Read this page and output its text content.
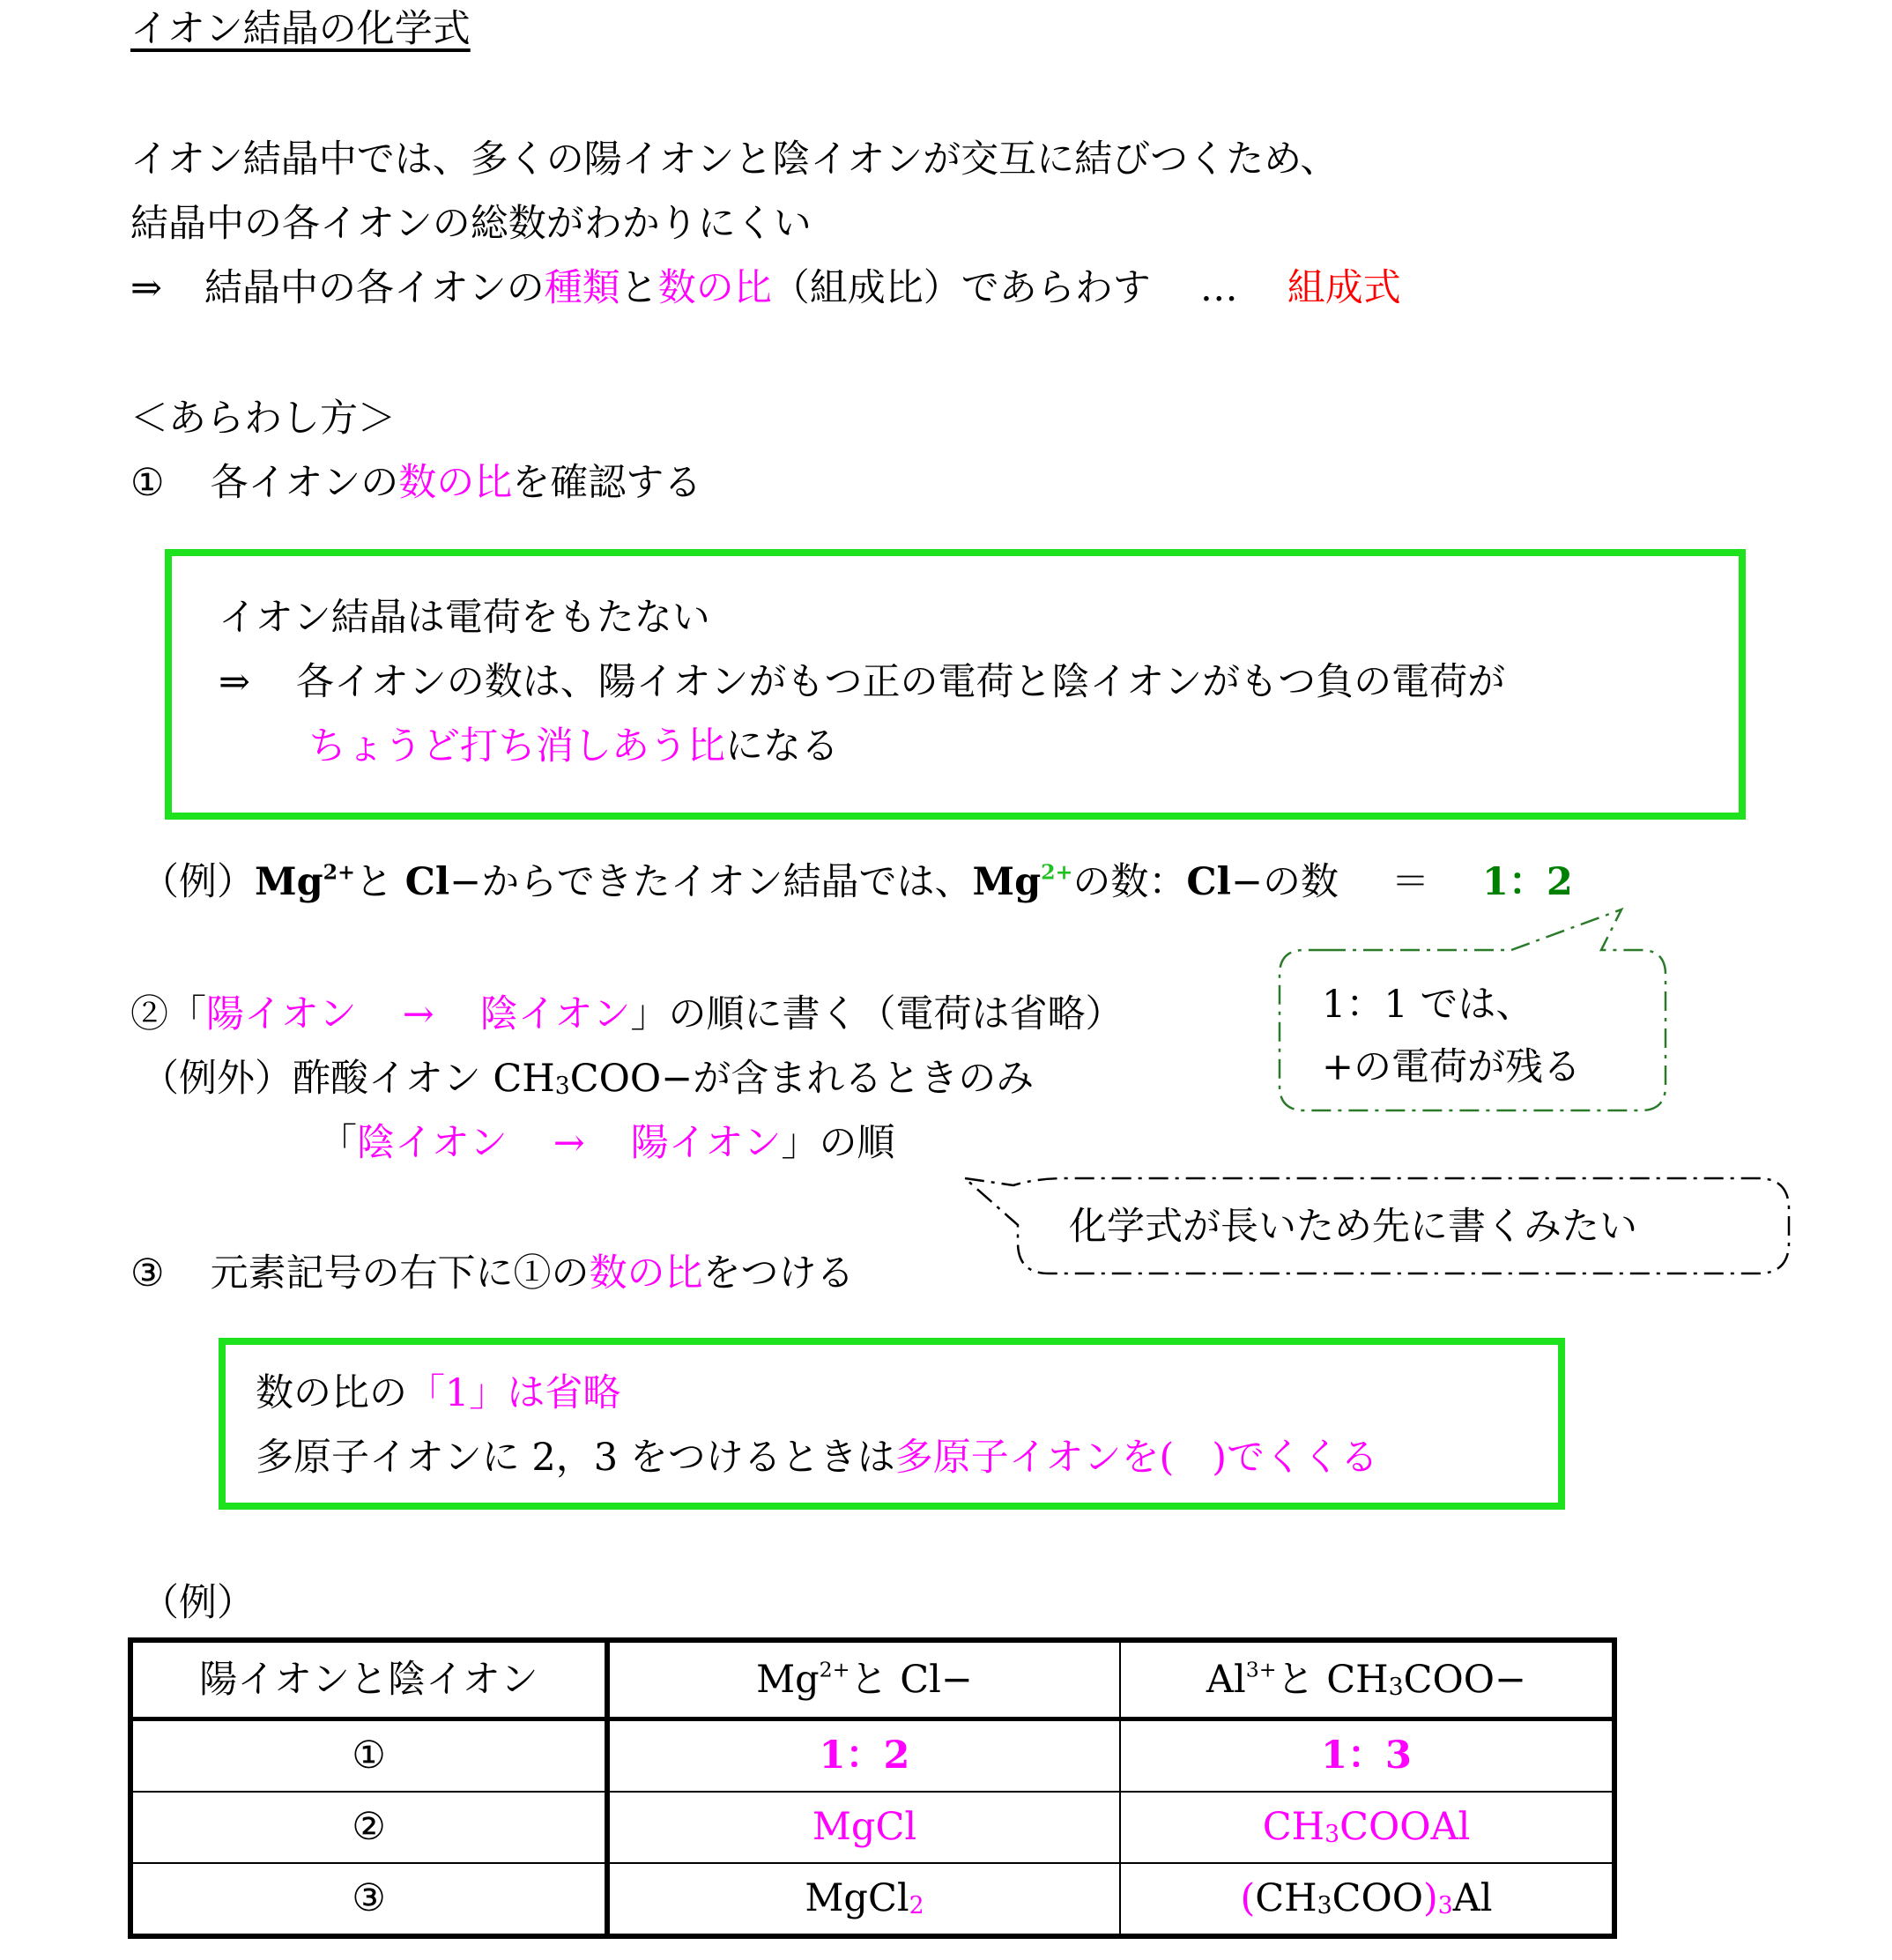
イオン結晶の化学式
イオン結晶中では、多くの陽イオンと陰イオンが交互に結びつくため、
結晶中の各イオンの総数がわかりにくい
⇒ 結晶中の各イオンの種類と数の比（組成比）であらわす … 組成式
＜あらわし方＞
① 各イオンの数の比を確認する
イオン結晶は電荷をもたない
⇒ 各イオンの数は、陽イオンがもつ正の電荷と陰イオンがもつ負の電荷が
ちょうど打ち消しあう比になる
（例）$Mg^{2+}$と Cl−からできたイオン結晶では、$Mg^{2+}$の数：Cl−の数 ＝ 1：2
1：1 では、
+の電荷が残る
②「陽イオン → 陰イオン」の順に書く（電荷は省略）
（例外）酢酸イオン $CH_3COO-$が含まれるときのみ
「陰イオン → 陽イオン」の順
化学式が長いため先に書くみたい
③ 元素記号の右下に①の数の比をつける
数の比の「1」は省略
多原子イオンに 2，3 をつけるときは多原子イオンを(　)でくくる
（例）
陽イオンと陰イオン	$Mg^{2+}$と Cl−	$Al^{3+}$と $CH_3COO-$
①	1：2	1：3
②	MgCl	$CH_3COOAl$
③	MgCl$_2$	$(CH_3COO)_3Al$
